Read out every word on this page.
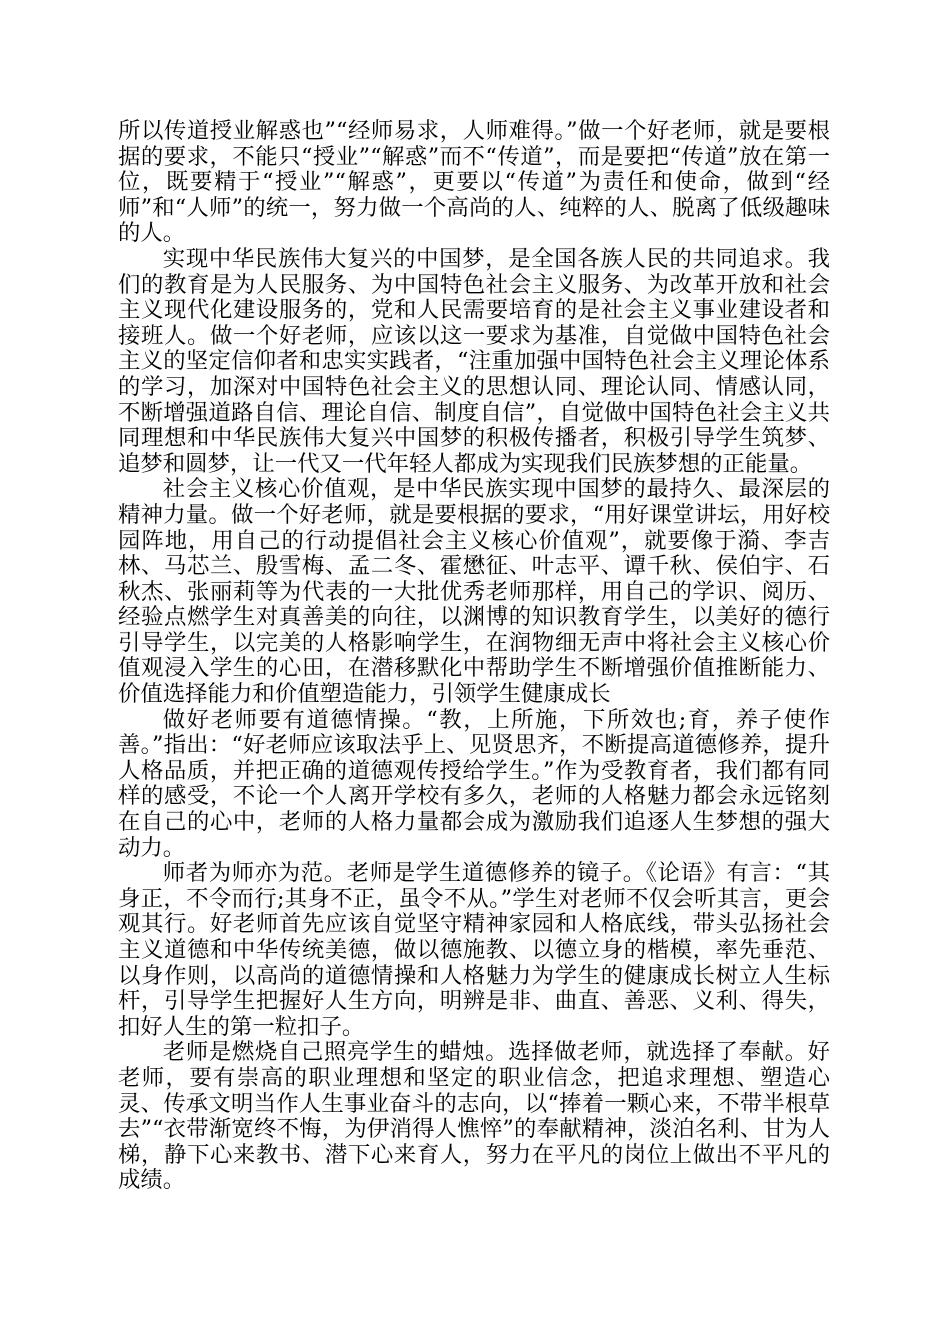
所以传道授业解惑也”“经师易求，人师难得。”做一个好老师，就是要根据的要求，不能只“授业”“解惑”而不“传道”，而是要把“传道”放在第一位，既要精于“授业”“解惑”，更要以“传道”为责任和使命，做到“经师”和“人师”的统一，努力做一个高尚的人、纯粹的人、脱离了低级趣味的人。

实现中华民族伟大复兴的中国梦，是全国各族人民的共同追求。我们的教育是为人民服务、为中国特色社会主义服务、为改革开放和社会主义现代化建设服务的，党和人民需要培育的是社会主义事业建设者和接班人。做一个好老师，应该以这一要求为基准，自觉做中国特色社会主义的坚定信仰者和忠实实践者，“注重加强中国特色社会主义理论体系的学习，加深对中国特色社会主义的思想认同、理论认同、情感认同，不断增强道路自信、理论自信、制度自信”，自觉做中国特色社会主义共同理想和中华民族伟大复兴中国梦的积极传播者，积极引导学生筑梦、追梦和圆梦，让一代又一代年轻人都成为实现我们民族梦想的正能量。

社会主义核心价值观，是中华民族实现中国梦的最持久、最深层的精神力量。做一个好老师，就是要根据的要求，“用好课堂讲坛，用好校园阵地，用自己的行动提倡社会主义核心价值观”，就要像于漪、李吉林、马芯兰、殷雪梅、孟二冬、霍懋征、叶志平、谭千秋、侯伯宇、石秋杰、张丽莉等为代表的一大批优秀老师那样，用自己的学识、阅历、经验点燃学生对真善美的向往，以渊博的知识教育学生，以美好的德行引导学生，以完美的人格影响学生，在润物细无声中将社会主义核心价值观浸入学生的心田，在潜移默化中帮助学生不断增强价值推断能力、价值选择能力和价值塑造能力，引领学生健康成长

做好老师要有道德情操。“教，上所施，下所效也;育，养子使作善。”指出：“好老师应该取法乎上、见贤思齐，不断提高道德修养，提升人格品质，并把正确的道德观传授给学生。”作为受教育者，我们都有同样的感受，不论一个人离开学校有多久，老师的人格魅力都会永远铭刻在自己的心中，老师的人格力量都会成为激励我们追逐人生梦想的强大动力。

师者为师亦为范。老师是学生道德修养的镜子。《论语》有言：“其身正，不令而行;其身不正，虽令不从。”学生对老师不仅会听其言，更会观其行。好老师首先应该自觉坚守精神家园和人格底线，带头弘扬社会主义道德和中华传统美德，做以德施教、以德立身的楷模，率先垂范、以身作则，以高尚的道德情操和人格魅力为学生的健康成长树立人生标杆，引导学生把握好人生方向，明辨是非、曲直、善恶、义利、得失，扣好人生的第一粒扣子。

老师是燃烧自己照亮学生的蜡烛。选择做老师，就选择了奉献。好老师，要有崇高的职业理想和坚定的职业信念，把追求理想、塑造心灵、传承文明当作人生事业奋斗的志向，以“捧着一颗心来，不带半根草去”“衣带渐宽终不悔，为伊消得人憔悴”的奉献精神，淡泊名利、甘为人梯，静下心来教书、潜下心来育人，努力在平凡的岗位上做出不平凡的成绩。
